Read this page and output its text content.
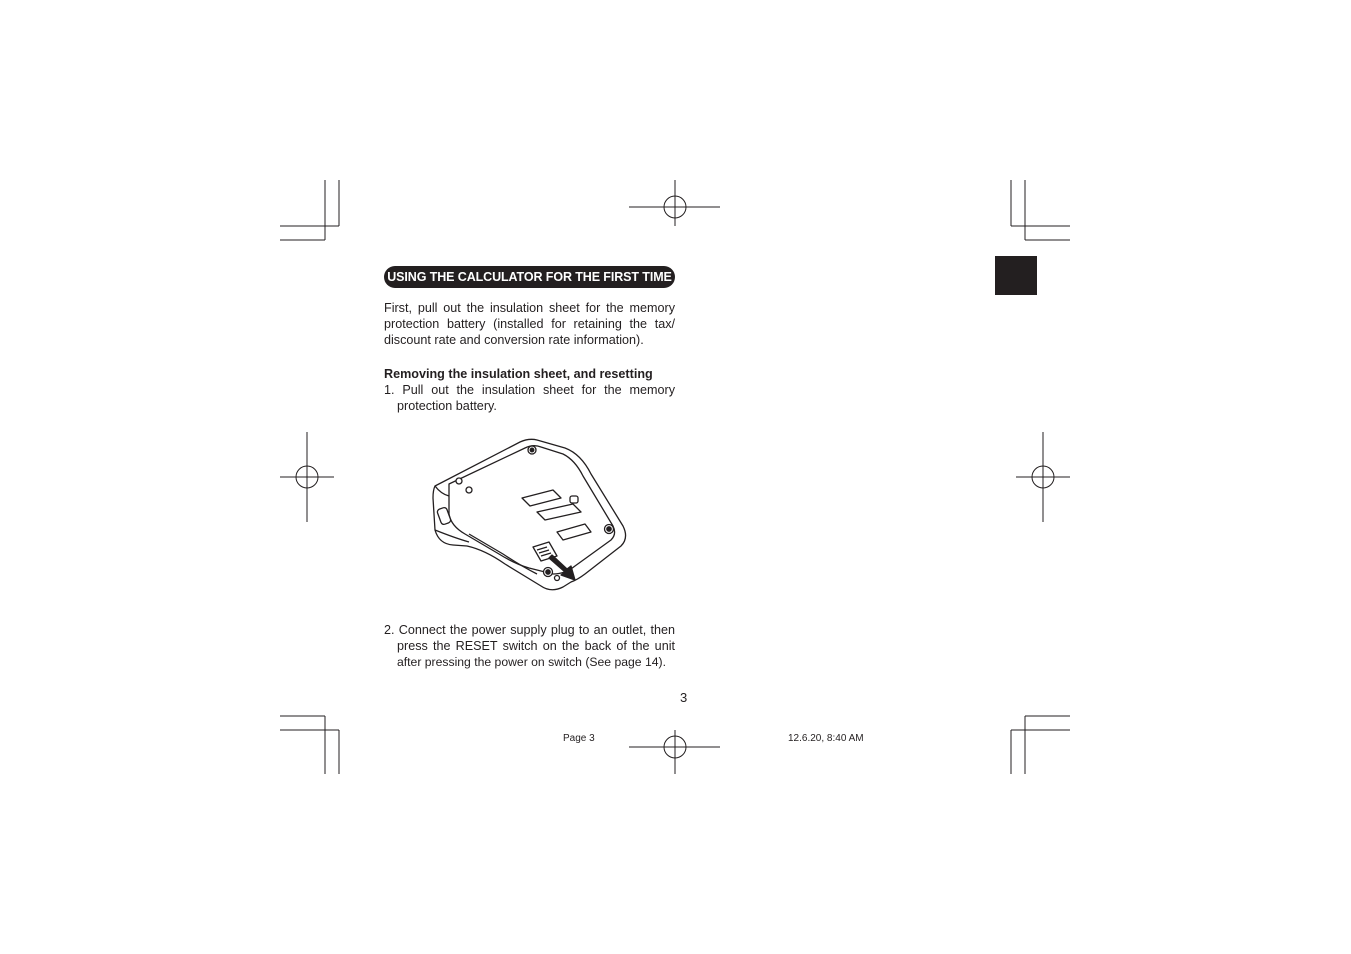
USING THE CALCULATOR FOR THE FIRST TIME
First, pull out the insulation sheet for the memory
protection battery (installed for retaining the tax/
discount rate and conversion rate information).
Removing the insulation sheet, and resetting
1. Pull out the insulation sheet for the memory
protection battery.
2. Connect the power supply plug to an outlet, then
press the RESET switch on the back of the unit
after pressing the power on switch (See page 14).
3
Page 3	12.6.20, 8:40 AM
